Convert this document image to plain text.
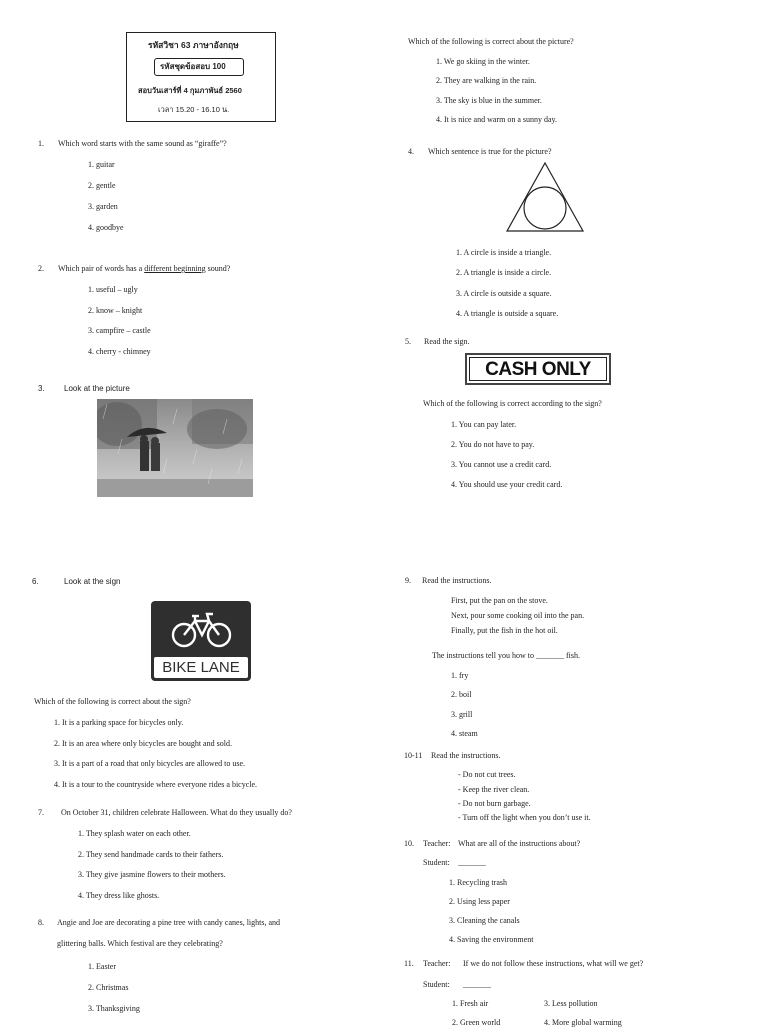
รหัสวิชา 63 ภาษาอังกฤษ
รหัสชุดข้อสอบ 100
สอบวันเสาร์ที่ 4 กุมภาพันธ์ 2560
เวลา 15.20 - 16.10 น.
1. Which word starts with the same sound as “giraffe”?
1. guitar
2. gentle
3. garden
4. goodbye
2. Which pair of words has a different beginning sound?
1. useful – ugly
2. know – knight
3. campfire – castle
4. cherry - chimney
3. Look at the picture
Which of the following is correct about the picture?
1. We go skiing in the winter.
2. They are walking in the rain.
3. The sky is blue in the summer.
4. It is nice and warm on a sunny day.
4. Which sentence is true for the picture?
1. A circle is inside a triangle.
2. A triangle is inside a circle.
3. A circle is outside a square.
4. A triangle is outside a square.
5. Read the sign.
CASH ONLY
Which of the following is correct according to the sign?
1. You can pay later.
2. You do not have to pay.
3. You cannot use a credit card.
4. You should use your credit card.
6.	Look at the sign
BIKE LANE
Which of the following is correct about the sign?
1. It is a parking space for bicycles only.
2. It is an area where only bicycles are bought and sold.
3. It is a part of a road that only bicycles are allowed to use.
4. It is a tour to the countryside where everyone rides a bicycle.
7. On October 31, children celebrate Halloween. What do they usually do?
1. They splash water on each other.
2. They send handmade cards to their fathers.
3. They give jasmine flowers to their mothers.
4. They dress like ghosts.
8. Angie and Joe are decorating a pine tree with candy canes, lights, and
glittering balls. Which festival are they celebrating?
1. Easter
2. Christmas
3. Thanksgiving
9. Read the instructions.
First, put the pan on the stove.
Next, pour some cooking oil into the pan.
Finally, put the fish in the hot oil.
The instructions tell you how to _______ fish.
1. fry
2. boil
3. grill
4. steam
10-11 Read the instructions.
- Do not cut trees.
- Keep the river clean.
- Do not burn garbage.
- Turn off the light when you don’t use it.
10. Teacher: What are all of the instructions about?
Student: _______
1. Recycling trash
2. Using less paper
3. Cleaning the canals
4. Saving the environment
11. Teacher: If we do not follow these instructions, what will we get?
Student: _______
1. Fresh air	3. Less pollution
2. Green world	4. More global warming
